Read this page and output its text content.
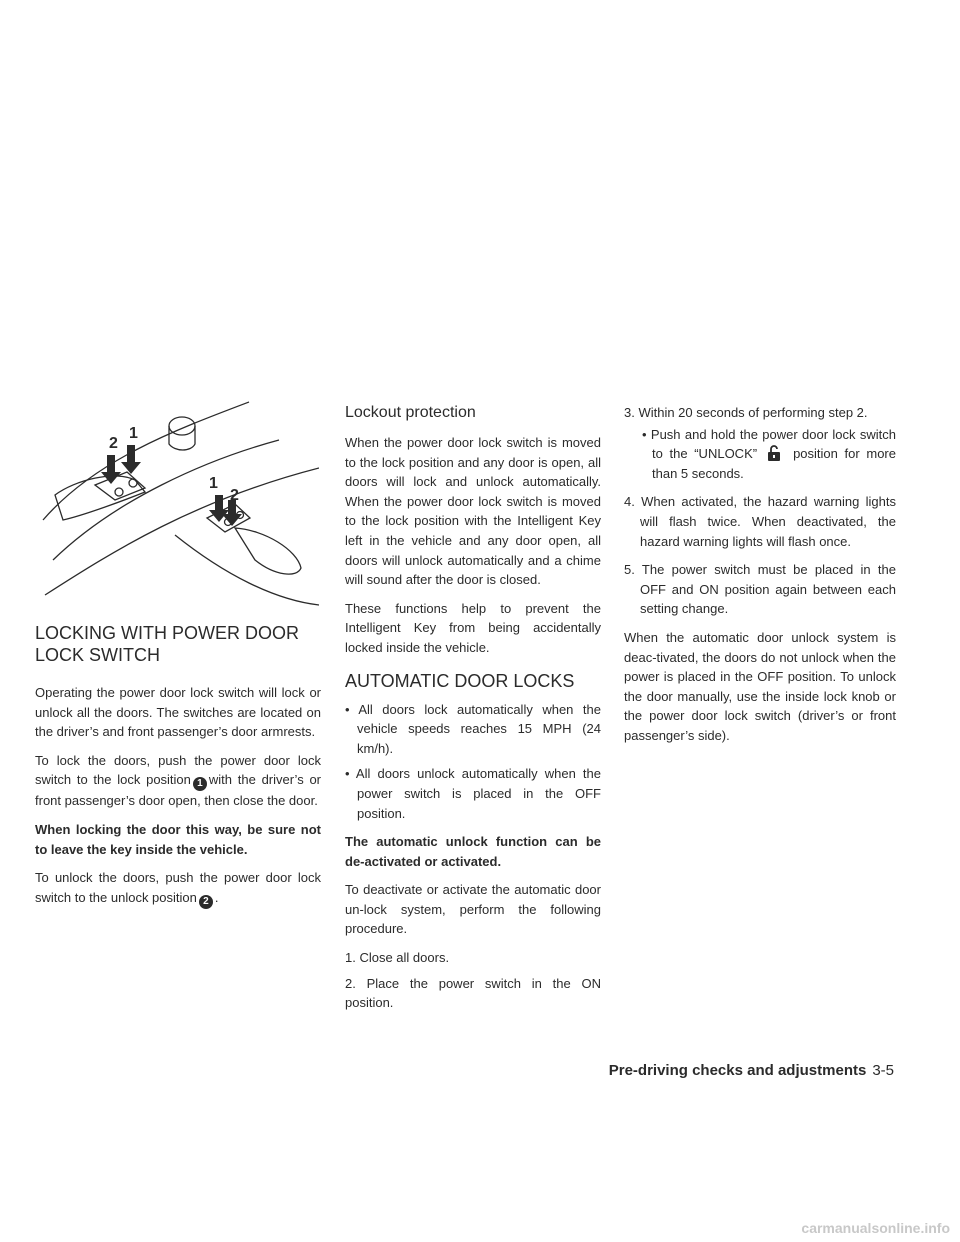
2
1
1
2
LOCKING WITH POWER DOOR LOCK SWITCH

Operating the power door lock switch will lock or unlock all the doors. The switches are located on the driver’s and front passenger’s door armrests.

To lock the doors, push the power door lock switch to the lock position 1 with the driver’s or front passenger’s door open, then close the door.

When locking the door this way, be sure not to leave the key inside the vehicle.

To unlock the doors, push the power door lock switch to the unlock position 2 .

Lockout protection

When the power door lock switch is moved to the lock position and any door is open, all doors will lock and unlock automatically. When the power door lock switch is moved to the lock position with the Intelligent Key left in the vehicle and any door open, all doors will unlock automatically and a chime will sound after the door is closed.

These functions help to prevent the Intelligent Key from being accidentally locked inside the vehicle.

AUTOMATIC DOOR LOCKS

• All doors lock automatically when the vehicle speeds reaches 15 MPH (24 km/h).

• All doors unlock automatically when the power switch is placed in the OFF position.

The automatic unlock function can be de-activated or activated.

To deactivate or activate the automatic door un-lock system, perform the following procedure.

1. Close all doors.

2. Place the power switch in the ON position.

3. Within 20 seconds of performing step 2.

• Push and hold the power door lock switch to the “UNLOCK”	position for more than 5 seconds.

4. When activated, the hazard warning lights will flash twice. When deactivated, the hazard warning lights will flash once.

5. The power switch must be placed in the OFF and ON position again between each setting change.

When the automatic door unlock system is deac-tivated, the doors do not unlock when the power is placed in the OFF position. To unlock the door manually, use the inside lock knob or the power door lock switch (driver’s or front passenger’s side).

Pre-driving checks and adjustments 3-5
carmanualsonline.info
